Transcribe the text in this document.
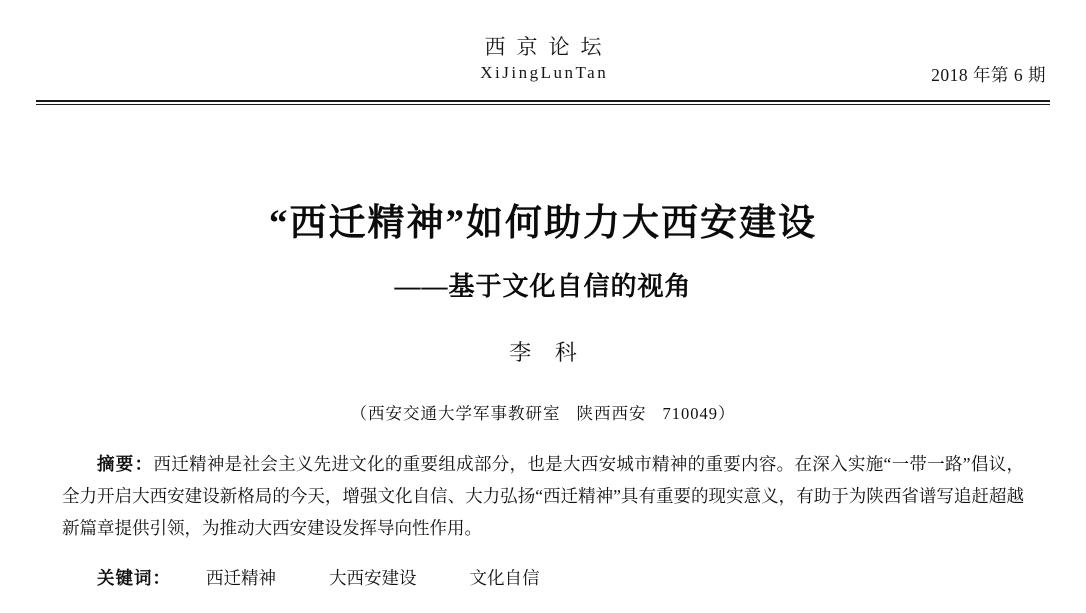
西京论坛
XiJingLunTan	2018 年第 6 期
“西迁精神”如何助力大西安建设
——基于文化自信的视角
李 科
（西安交通大学军事教研室 陕西西安 710049）

摘要：西迁精神是社会主义先进文化的重要组成部分，也是大西安城市精神的重要内容。在深入实施“一带一路”倡议，全力开启大西安建设新格局的今天，增强文化自信、大力弘扬“西迁精神”具有重要的现实意义，有助于为陕西省谱写追赶超越新篇章提供引领，为推动大西安建设发挥导向性作用。

关键词： 西迁精神	大西安建设	文化自信
